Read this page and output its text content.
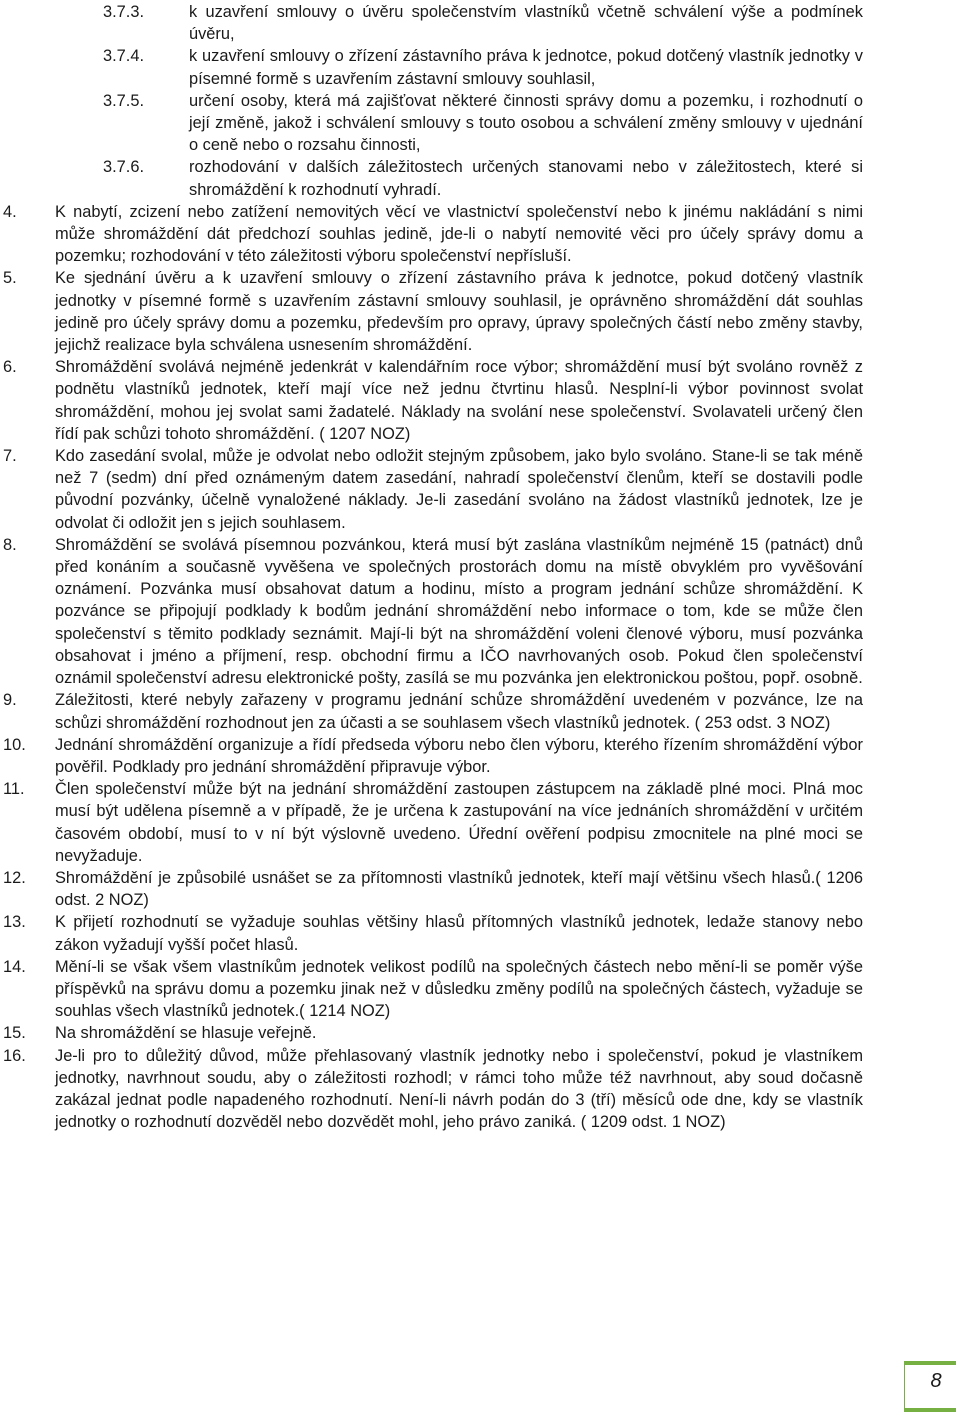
3.7.3.	k uzavření smlouvy o úvěru společenstvím vlastníků včetně schválení výše a podmínek úvěru,
3.7.4.	k uzavření smlouvy o zřízení zástavního práva k jednotce, pokud dotčený vlastník jednotky v písemné formě s uzavřením zástavní smlouvy souhlasil,
3.7.5.	určení osoby, která má zajišťovat některé činnosti správy domu a pozemku, i rozhodnutí o její změně, jakož i schválení smlouvy s touto osobou a schválení změny smlouvy v ujednání o ceně nebo o rozsahu činnosti,
3.7.6.	rozhodování v dalších záležitostech určených stanovami nebo v záležitostech, které si shromáždění k rozhodnutí vyhradí.
4.	K nabytí, zcizení nebo zatížení nemovitých věcí ve vlastnictví společenství nebo k jinému nakládání s nimi může shromáždění dát předchozí souhlas jedině, jde-li o nabytí nemovité věci pro účely správy domu a pozemku; rozhodování v této záležitosti výboru společenství nepřísluší.
5.	Ke sjednání úvěru a k uzavření smlouvy o zřízení zástavního práva k jednotce, pokud dotčený vlastník jednotky v písemné formě s uzavřením zástavní smlouvy souhlasil, je oprávněno shromáždění dát souhlas jedině pro účely správy domu a pozemku, především pro opravy, úpravy společných částí nebo změny stavby, jejichž realizace byla schválena usnesením shromáždění.
6.	Shromáždění svolává nejméně jedenkrát v kalendářním roce výbor; shromáždění musí být svoláno rovněž z podnětu vlastníků jednotek, kteří mají více než jednu čtvrtinu hlasů. Nesplní-li výbor povinnost svolat shromáždění, mohou jej svolat sami žadatelé. Náklady na svolání nese společenství. Svolavateli určený člen řídí pak schůzi tohoto shromáždění. ( 1207 NOZ)
7.	Kdo zasedání svolal, může je odvolat nebo odložit stejným způsobem, jako bylo svoláno. Stane-li se tak méně než 7 (sedm) dní před oznámeným datem zasedání, nahradí společenství členům, kteří se dostavili podle původní pozvánky, účelně vynaložené náklady. Je-li zasedání svoláno na žádost vlastníků jednotek, lze je odvolat či odložit jen s jejich souhlasem.
8.	Shromáždění se svolává písemnou pozvánkou, která musí být zaslána vlastníkům nejméně 15 (patnáct) dnů před konáním a současně vyvěšena ve společných prostorách domu na místě obvyklém pro vyvěšování oznámení. Pozvánka musí obsahovat datum a hodinu, místo a program jednání schůze shromáždění. K pozvánce se připojují podklady k bodům jednání shromáždění nebo informace o tom, kde se může člen společenství s těmito podklady seznámit. Mají-li být na shromáždění voleni členové výboru, musí pozvánka obsahovat i jméno a příjmení, resp. obchodní firmu a IČO navrhovaných osob. Pokud člen společenství oznámil společenství adresu elektronické pošty, zasílá se mu pozvánka jen elektronickou poštou, popř. osobně.
9.	Záležitosti, které nebyly zařazeny v programu jednání schůze shromáždění uvedeném v pozvánce, lze na schůzi shromáždění rozhodnout jen za účasti a se souhlasem všech vlastníků jednotek. ( 253 odst. 3 NOZ)
10.	Jednání shromáždění organizuje a řídí předseda výboru nebo člen výboru, kterého řízením shromáždění výbor pověřil. Podklady pro jednání shromáždění připravuje výbor.
11.	Člen společenství může být na jednání shromáždění zastoupen zástupcem na základě plné moci. Plná moc musí být udělena písemně a v případě, že je určena k zastupování na více jednáních shromáždění v určitém časovém období, musí to v ní být výslovně uvedeno. Úřední ověření podpisu zmocnitele na plné moci se nevyžaduje.
12.	Shromáždění je způsobilé usnášet se za přítomnosti vlastníků jednotek, kteří mají většinu všech hlasů.( 1206 odst. 2 NOZ)
13.	K přijetí rozhodnutí se vyžaduje souhlas většiny hlasů přítomných vlastníků jednotek, ledaže stanovy nebo zákon vyžadují vyšší počet hlasů.
14.	Mění-li se však všem vlastníkům jednotek velikost podílů na společných částech nebo mění-li se poměr výše příspěvků na správu domu a pozemku jinak než v důsledku změny podílů na společných částech, vyžaduje se souhlas všech vlastníků jednotek.( 1214 NOZ)
15.	Na shromáždění se hlasuje veřejně.
16.	Je-li pro to důležitý důvod, může přehlasovaný vlastník jednotky nebo i společenství, pokud je vlastníkem jednotky, navrhnout soudu, aby o záležitosti rozhodl; v rámci toho může též navrhnout, aby soud dočasně zakázal jednat podle napadeného rozhodnutí. Není-li návrh podán do 3 (tří) měsíců ode dne, kdy se vlastník jednotky o rozhodnutí dozvěděl nebo dozvědět mohl, jeho právo zaniká. ( 1209 odst. 1 NOZ)
8
